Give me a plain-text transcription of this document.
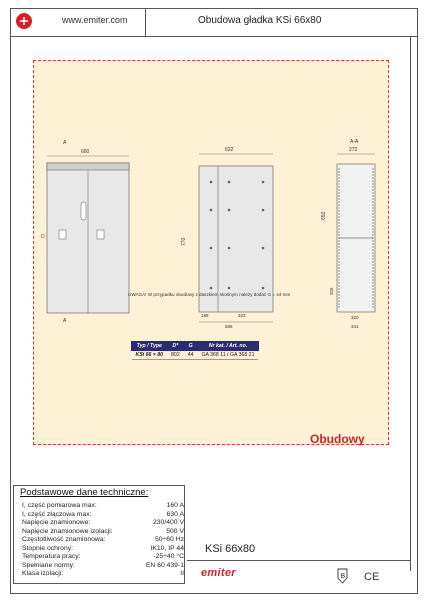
www.emiter.com	Obudowa gładka KSi 66x80
660
D
A
A
622
770
188	323
586
A-A
272
652
326
320
341
UWAGA! W przypadku obudowy z daszkiem skośnym należy dodać G = 44 mm
Typ / Type	D*	G	Nr kat. / Art. no.
KSi 66 × 80	802	44	GA 368 11 / GA 368 21
Obudowy
Podstawowe dane techniczne:
I, część pomiarowa max:	160 A
I, część złączowa max:	630 A
Napięcie znamionowe:	230/400 V
Napięcie znamionowe izolacji:	500 V
Częstotliwość znamionowa:	50÷60 Hz
Stopnie ochrony:	IK10, IP 44
Temperatura pracy:	-25÷40 °C
Spełniane normy:	EN 60 439-1
Klasa izolacji:	II
KSi 66x80
emiter	B CE
